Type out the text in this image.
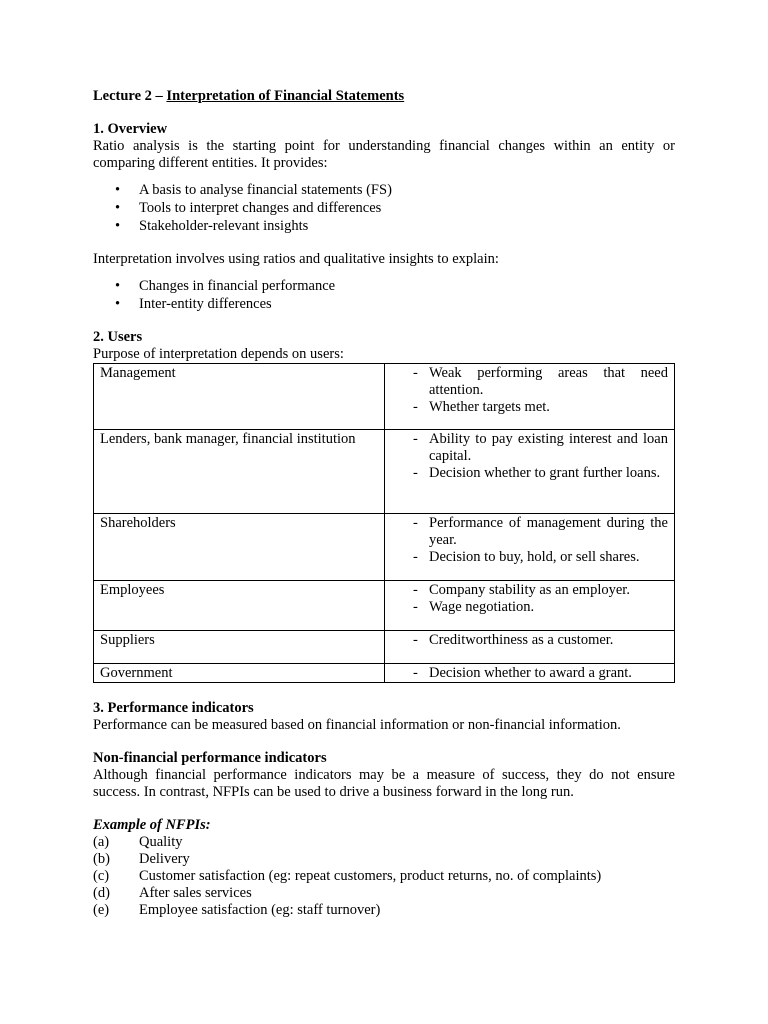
Lecture 2 – Interpretation of Financial Statements

1. Overview

Ratio analysis is the starting point for understanding financial changes within an entity or comparing different entities. It provides:

• A basis to analyse financial statements (FS)
• Tools to interpret changes and differences
• Stakeholder-relevant insights

Interpretation involves using ratios and qualitative insights to explain:

• Changes in financial performance
• Inter-entity differences
2. Users

Purpose of interpretation depends on users:

Management	- Weak performing areas that need attention.
- Whether targets met.

Lenders, bank manager, financial institution	- Ability to pay existing interest and loan capital.
- Decision whether to grant further loans.

Shareholders	- Performance of management during the year.
- Decision to buy, hold, or sell shares.

Employees	- Company stability as an employer.
- Wage negotiation.

Suppliers	- Creditworthiness as a customer.

Government	- Decision whether to award a grant.
3. Performance indicators

Performance can be measured based on financial information or non-financial information.

Non-financial performance indicators

Although financial performance indicators may be a measure of success, they do not ensure success. In contrast, NFPIs can be used to drive a business forward in the long run.

Example of NFPIs:

(a) Quality
(b) Delivery
(c) Customer satisfaction (eg: repeat customers, product returns, no. of complaints)
(d) After sales services
(e) Employee satisfaction (eg: staff turnover)
